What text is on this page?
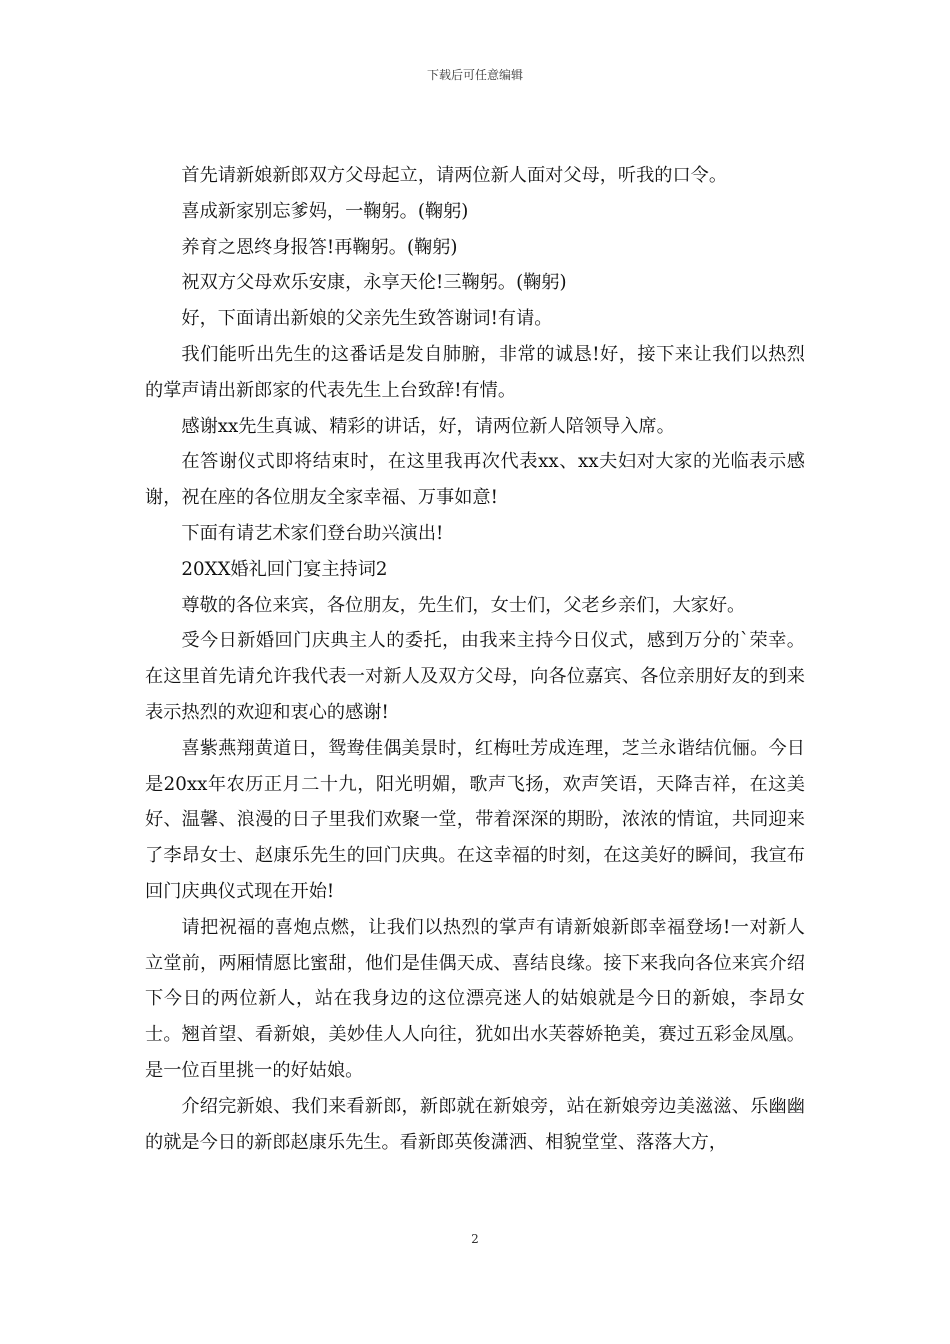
下载后可任意编辑

首先请新娘新郎双方父母起立，请两位新人面对父母，听我的口令。

喜成新家别忘爹妈，一鞠躬。(鞠躬)

养育之恩终身报答!再鞠躬。(鞠躬)

祝双方父母欢乐安康，永享天伦!三鞠躬。(鞠躬)

好，下面请出新娘的父亲先生致答谢词!有请。

我们能听出先生的这番话是发自肺腑，非常的诚恳!好，接下来让我们以热烈的掌声请出新郎家的代表先生上台致辞!有情。

感谢xx先生真诚、精彩的讲话，好，请两位新人陪领导入席。

在答谢仪式即将结束时，在这里我再次代表xx、xx夫妇对大家的光临表示感谢，祝在座的各位朋友全家幸福、万事如意!

下面有请艺术家们登台助兴演出!

20XX婚礼回门宴主持词2

尊敬的各位来宾，各位朋友，先生们，女士们，父老乡亲们，大家好。

受今日新婚回门庆典主人的委托，由我来主持今日仪式，感到万分的`荣幸。在这里首先请允许我代表一对新人及双方父母，向各位嘉宾、各位亲朋好友的到来表示热烈的欢迎和衷心的感谢!

喜紫燕翔黄道日，鸳鸯佳偶美景时，红梅吐芳成连理，芝兰永谐结伉俪。今日是20xx年农历正月二十九，阳光明媚，歌声飞扬，欢声笑语，天降吉祥，在这美好、温馨、浪漫的日子里我们欢聚一堂，带着深深的期盼，浓浓的情谊，共同迎来了李昂女士、赵康乐先生的回门庆典。在这幸福的时刻，在这美好的瞬间，我宣布回门庆典仪式现在开始!

请把祝福的喜炮点燃，让我们以热烈的掌声有请新娘新郎幸福登场!一对新人立堂前，两厢情愿比蜜甜，他们是佳偶天成、喜结良缘。接下来我向各位来宾介绍下今日的两位新人，站在我身边的这位漂亮迷人的姑娘就是今日的新娘，李昂女士。翘首望、看新娘，美妙佳人人向往，犹如出水芙蓉娇艳美，赛过五彩金凤凰。是一位百里挑一的好姑娘。

介绍完新娘、我们来看新郎，新郎就在新娘旁，站在新娘旁边美滋滋、乐幽幽的就是今日的新郎赵康乐先生。看新郎英俊潇洒、相貌堂堂、落落大方，

2
